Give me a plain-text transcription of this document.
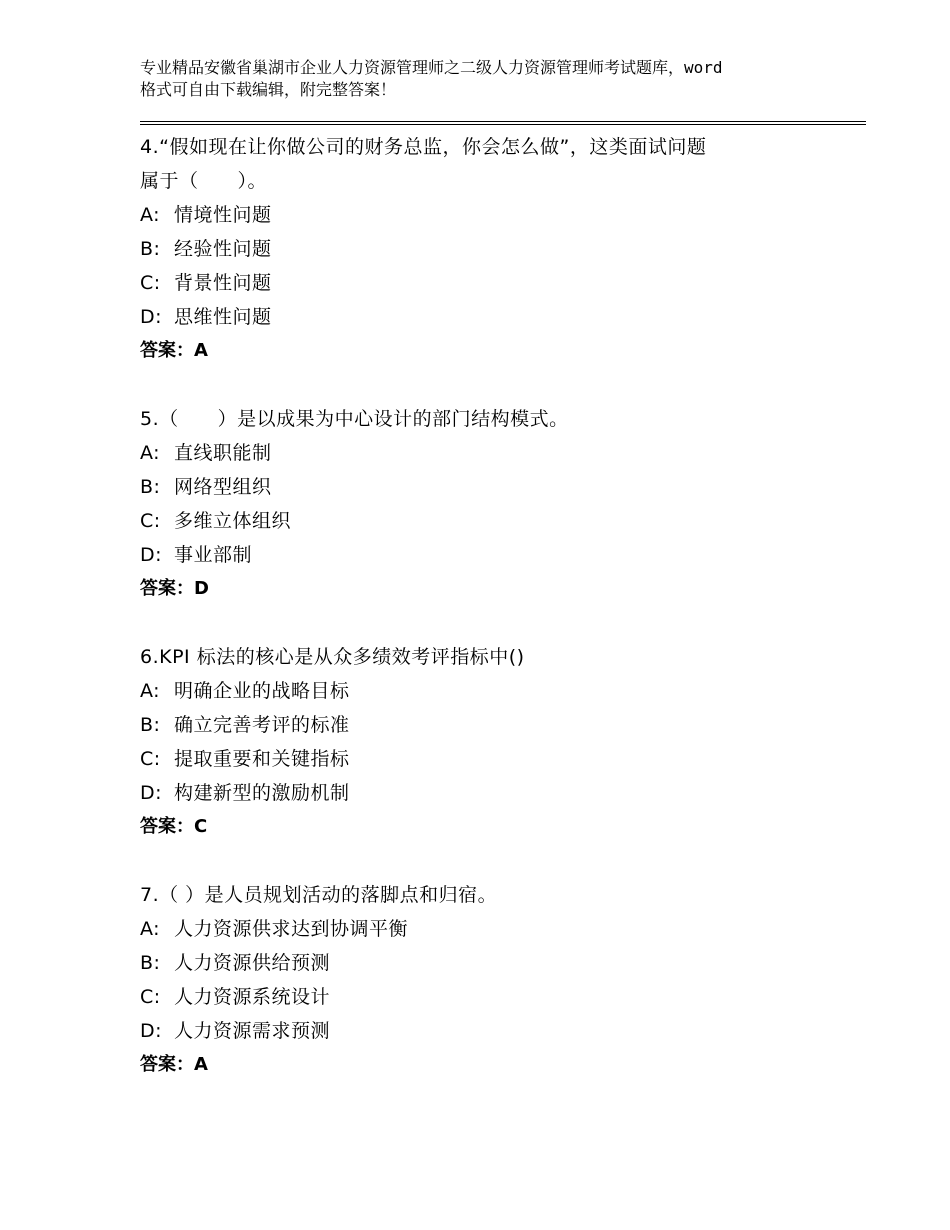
专业精品安徽省巢湖市企业人力资源管理师之二级人力资源管理师考试题库，word
格式可自由下载编辑，附完整答案！
4.“假如现在让你做公司的财务总监，你会怎么做”，这类面试问题
属于（　　）。
A: 情境性问题
B: 经验性问题
C: 背景性问题
D: 思维性问题
答案：A
5.（　　）是以成果为中心设计的部门结构模式。
A: 直线职能制
B: 网络型组织
C: 多维立体组织
D: 事业部制
答案：D
6.KPI 标法的核心是从众多绩效考评指标中()
A: 明确企业的战略目标
B: 确立完善考评的标准
C: 提取重要和关键指标
D: 构建新型的激励机制
答案：C
7.（ ）是人员规划活动的落脚点和归宿。
A: 人力资源供求达到协调平衡
B: 人力资源供给预测
C: 人力资源系统设计
D: 人力资源需求预测
答案：A
